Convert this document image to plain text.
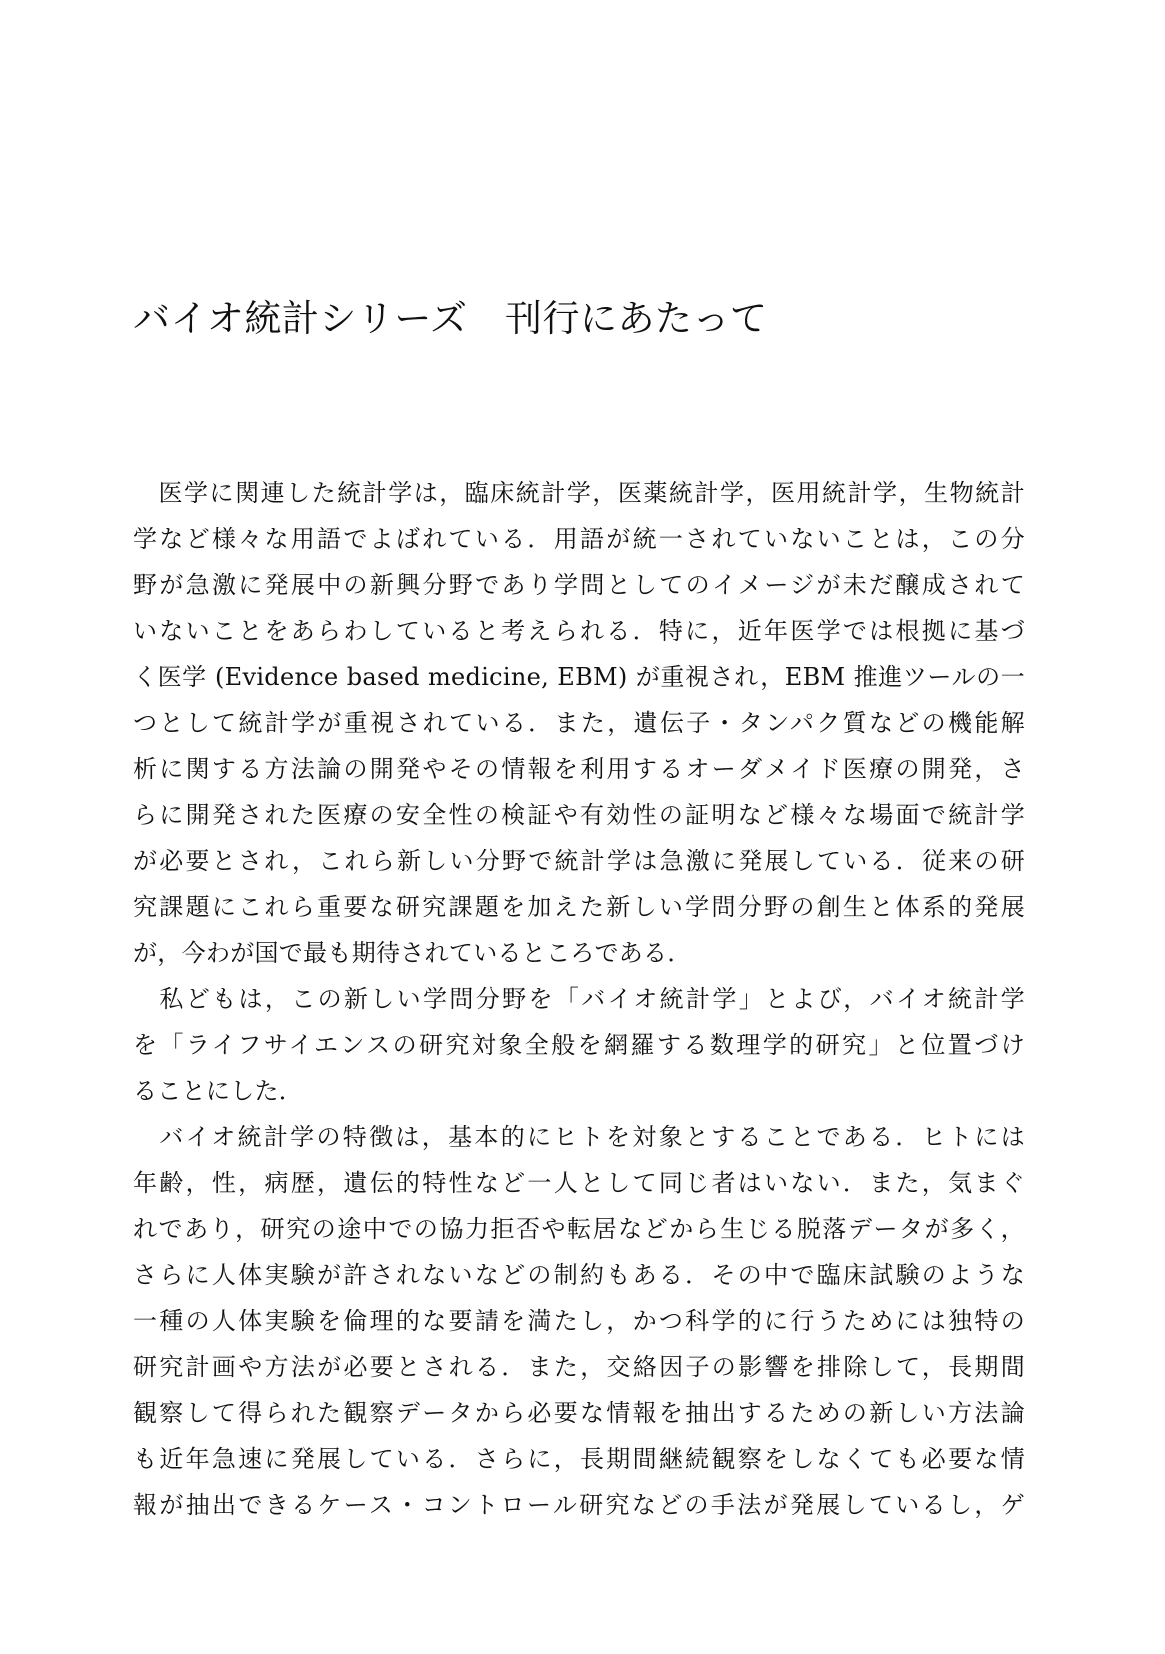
バイオ統計シリーズ　刊行にあたって
　医学に関連した統計学は，臨床統計学，医薬統計学，医用統計学，生物統計
学など様々な用語でよばれている．用語が統一されていないことは，この分
野が急激に発展中の新興分野であり学問としてのイメージが未だ醸成されて
いないことをあらわしていると考えられる．特に，近年医学では根拠に基づ
く医学 (Evidence based medicine, EBM) が重視され，EBM 推進ツールの一
つとして統計学が重視されている．また，遺伝子・タンパク質などの機能解
析に関する方法論の開発やその情報を利用するオーダメイド医療の開発，さ
らに開発された医療の安全性の検証や有効性の証明など様々な場面で統計学
が必要とされ，これら新しい分野で統計学は急激に発展している．従来の研
究課題にこれら重要な研究課題を加えた新しい学問分野の創生と体系的発展
が，今わが国で最も期待されているところである．
　私どもは，この新しい学問分野を「バイオ統計学」とよび，バイオ統計学
を「ライフサイエンスの研究対象全般を網羅する数理学的研究」と位置づけ
ることにした．
　バイオ統計学の特徴は，基本的にヒトを対象とすることである．ヒトには
年齢，性，病歴，遺伝的特性など一人として同じ者はいない．また，気まぐ
れであり，研究の途中での協力拒否や転居などから生じる脱落データが多く，
さらに人体実験が許されないなどの制約もある．その中で臨床試験のような
一種の人体実験を倫理的な要請を満たし，かつ科学的に行うためには独特の
研究計画や方法が必要とされる．また，交絡因子の影響を排除して，長期間
観察して得られた観察データから必要な情報を抽出するための新しい方法論
も近年急速に発展している．さらに，長期間継続観察をしなくても必要な情
報が抽出できるケース・コントロール研究などの手法が発展しているし，ゲ
